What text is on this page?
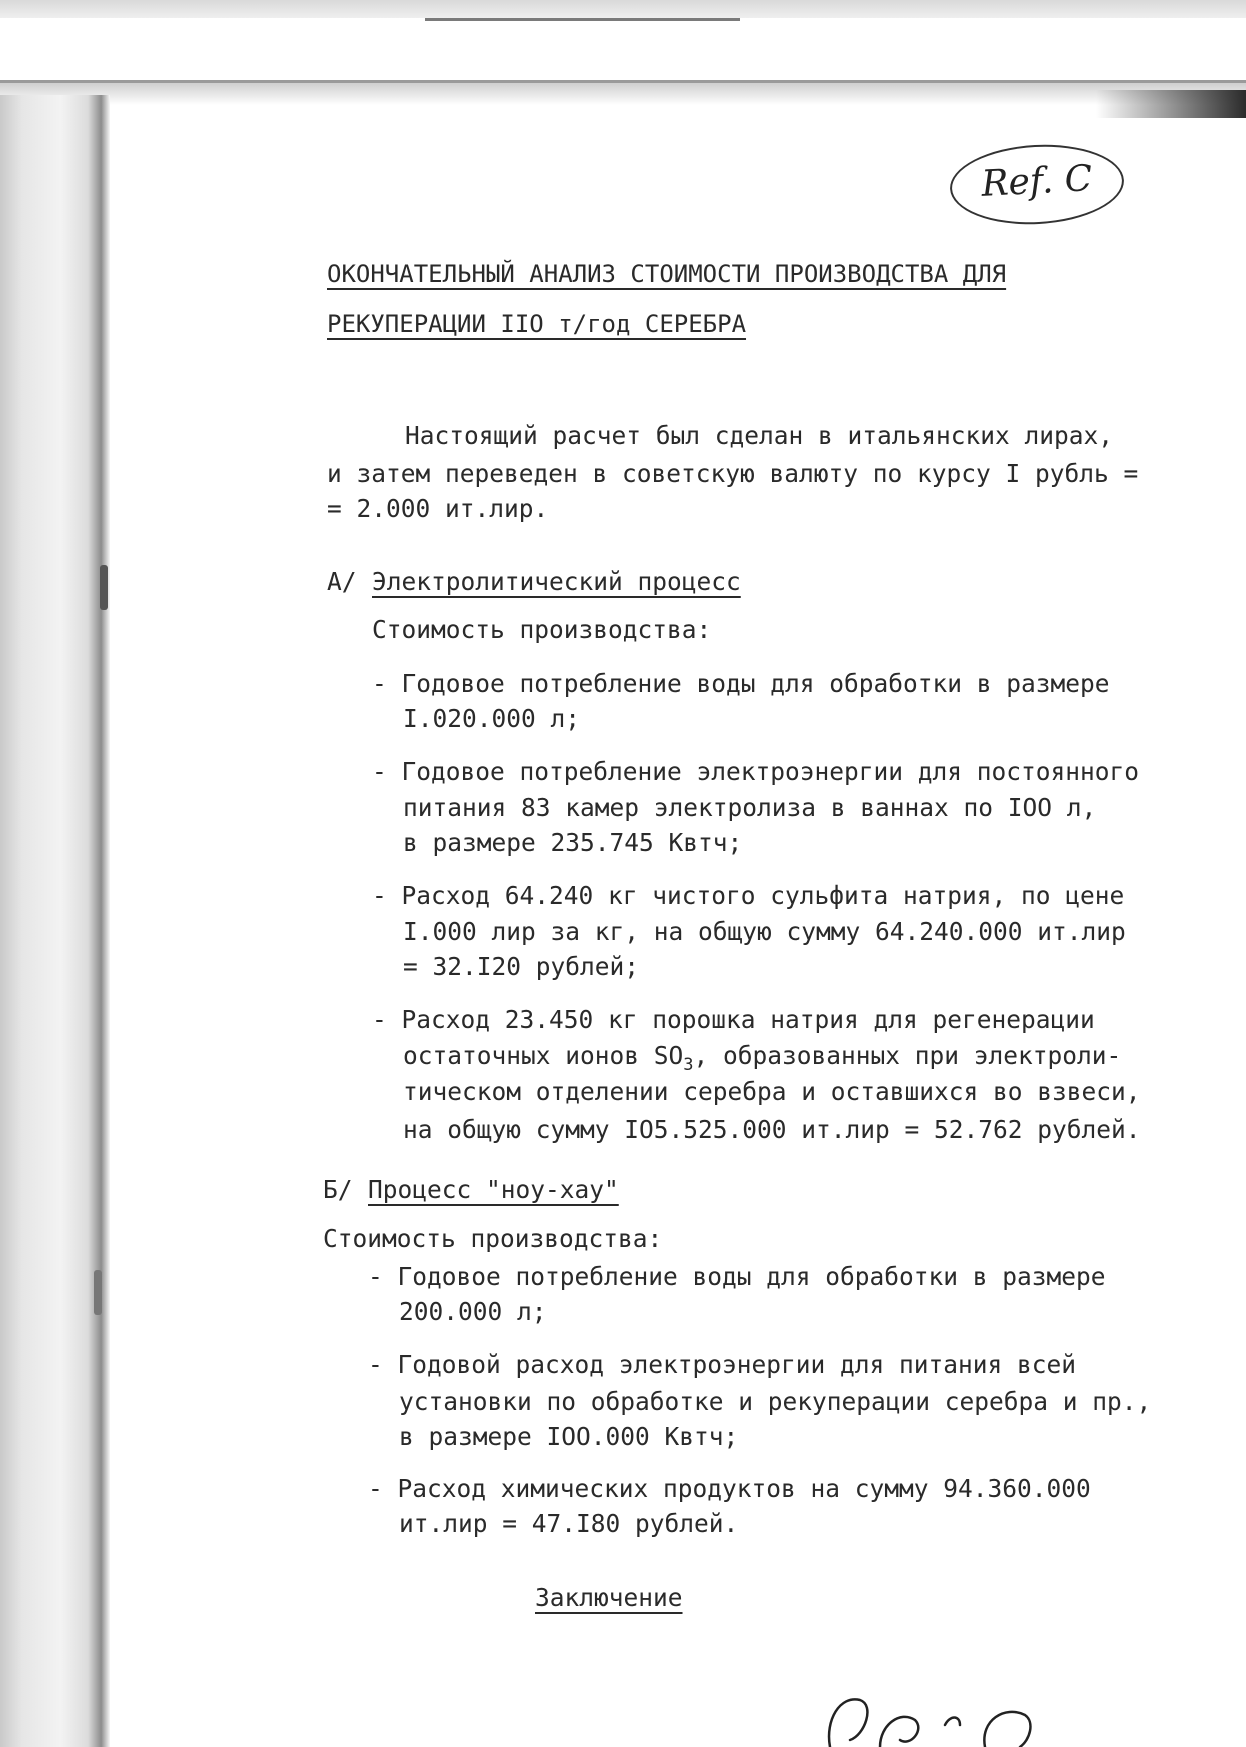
Ref. C
ОКОНЧАТЕЛЬНЫЙ АНАЛИЗ СТОИМОСТИ ПРОИЗВОДСТВА ДЛЯ
РЕКУПЕРАЦИИ IIO т/год СЕРЕБРА
Настоящий расчет был сделан в итальянских лирах,
и затем переведен в советскую валюту по курсу I рубль =
= 2.000 ит.лир.
А/ Электролитический процесс
Стоимость производства:
- Годовое потребление воды для обработки в размере
I.020.000 л;
- Годовое потребление электроэнергии для постоянного
питания 83 камер электролиза в ваннах по IOO л,
в размере 235.745 Квтч;
- Расход 64.240 кг чистого сульфита натрия, по цене
I.000 лир за кг, на общую сумму 64.240.000 ит.лир
= 32.I20 рублей;
- Расход 23.450 кг порошка натрия для регенерации
остаточных ионов $SO_3$, образованных при электроли-
тическом отделении серебра и оставшихся во взвеси,
на общую сумму IO5.525.000 ит.лир = 52.762 рублей.
Б/ Процесс "ноу-хау"
Стоимость производства:
- Годовое потребление воды для обработки в размере
200.000 л;
- Годовой расход электроэнергии для питания всей
установки по обработке и рекуперации серебра и пр.,
в размере IOO.000 Квтч;
- Расход химических продуктов на сумму 94.360.000
ит.лир = 47.I80 рублей.
Заключение
